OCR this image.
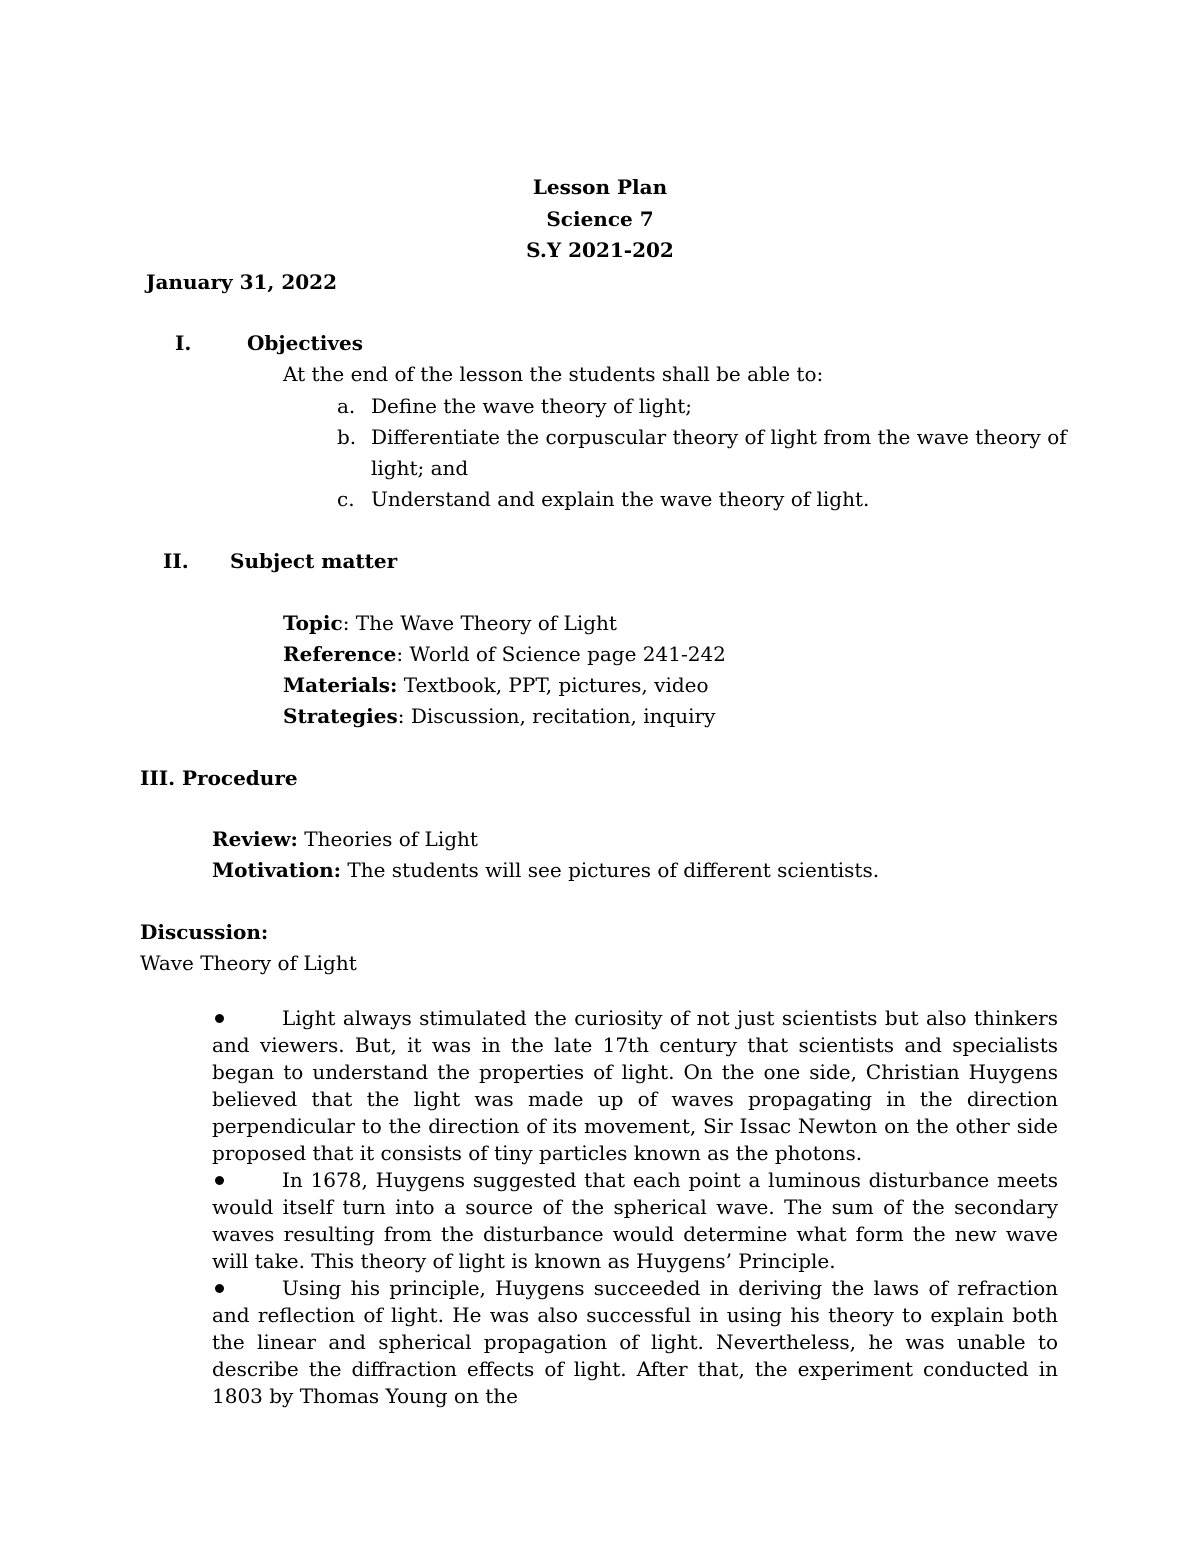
Lesson Plan
Science 7
S.Y 2021-202
January 31, 2022
I.	Objectives
At the end of the lesson the students shall be able to:
a. Define the wave theory of light;
b. Differentiate the corpuscular theory of light from the wave theory of
light; and
c. Understand and explain the wave theory of light.
II. Subject matter
Topic: The Wave Theory of Light
Reference: World of Science page 241-242
Materials: Textbook, PPT, pictures, video
Strategies: Discussion, recitation, inquiry
III. Procedure
Review: Theories of Light
Motivation: The students will see pictures of different scientists.
Discussion:
Wave Theory of Light
Light always stimulated the curiosity of not just scientists but also thinkers and viewers. But, it was in the late 17th century that scientists and specialists began to understand the properties of light. On the one side, Christian Huygens believed that the light was made up of waves propagating in the direction perpendicular to the direction of its movement, Sir Issac Newton on the other side proposed that it consists of tiny particles known as the photons.
In 1678, Huygens suggested that each point a luminous disturbance meets would itself turn into a source of the spherical wave. The sum of the secondary waves resulting from the disturbance would determine what form the new wave will take. This theory of light is known as Huygens’ Principle.
Using his principle, Huygens succeeded in deriving the laws of refraction and reflection of light. He was also successful in using his theory to explain both the linear and spherical propagation of light. Nevertheless, he was unable to describe the diffraction effects of light. After that, the experiment conducted in 1803 by Thomas Young on the
